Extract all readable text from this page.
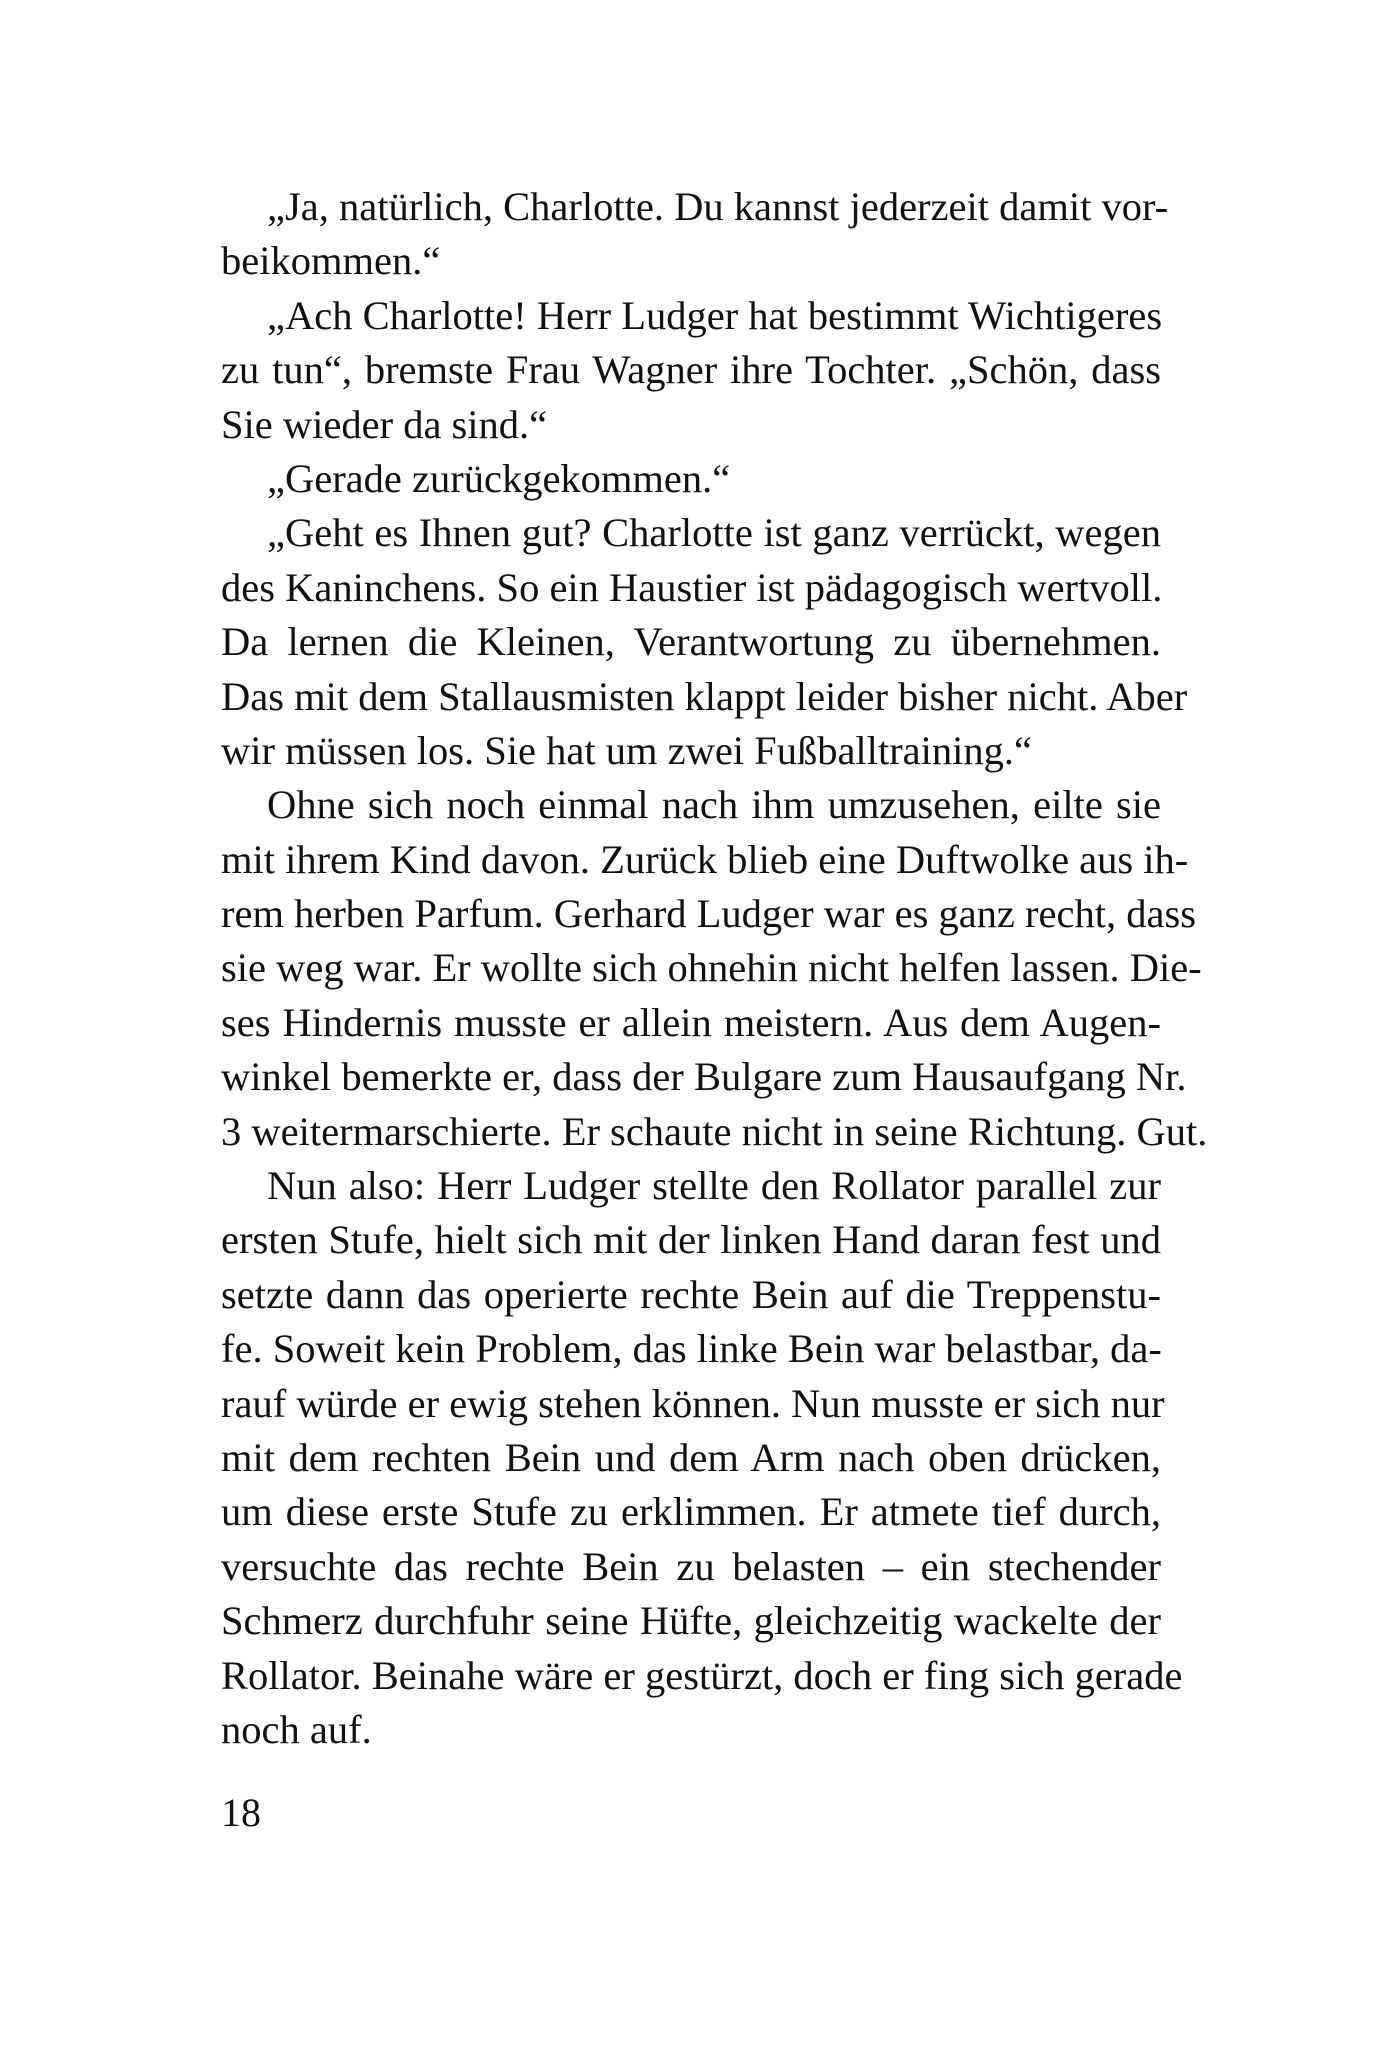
„Ja, natürlich, Charlotte. Du kannst jederzeit damit vor-
beikommen.“
„Ach Charlotte! Herr Ludger hat bestimmt Wichtigeres
zu tun“, bremste Frau Wagner ihre Tochter. „Schön, dass
Sie wieder da sind.“
„Gerade zurückgekommen.“
„Geht es Ihnen gut? Charlotte ist ganz verrückt, wegen
des Kaninchens. So ein Haustier ist pädagogisch wertvoll.
Da lernen die Kleinen, Verantwortung zu übernehmen.
Das mit dem Stallausmisten klappt leider bisher nicht. Aber
wir müssen los. Sie hat um zwei Fußballtraining.“
Ohne sich noch einmal nach ihm umzusehen, eilte sie
mit ihrem Kind davon. Zurück blieb eine Duftwolke aus ih-
rem herben Parfum. Gerhard Ludger war es ganz recht, dass
sie weg war. Er wollte sich ohnehin nicht helfen lassen. Die-
ses Hindernis musste er allein meistern. Aus dem Augen-
winkel bemerkte er, dass der Bulgare zum Hausaufgang Nr.
3 weitermarschierte. Er schaute nicht in seine Richtung. Gut.
Nun also: Herr Ludger stellte den Rollator parallel zur
ersten Stufe, hielt sich mit der linken Hand daran fest und
setzte dann das operierte rechte Bein auf die Treppenstu-
fe. Soweit kein Problem, das linke Bein war belastbar, da-
rauf würde er ewig stehen können. Nun musste er sich nur
mit dem rechten Bein und dem Arm nach oben drücken,
um diese erste Stufe zu erklimmen. Er atmete tief durch,
versuchte das rechte Bein zu belasten – ein stechender
Schmerz durchfuhr seine Hüfte, gleichzeitig wackelte der
Rollator. Beinahe wäre er gestürzt, doch er fing sich gerade
noch auf.
18
